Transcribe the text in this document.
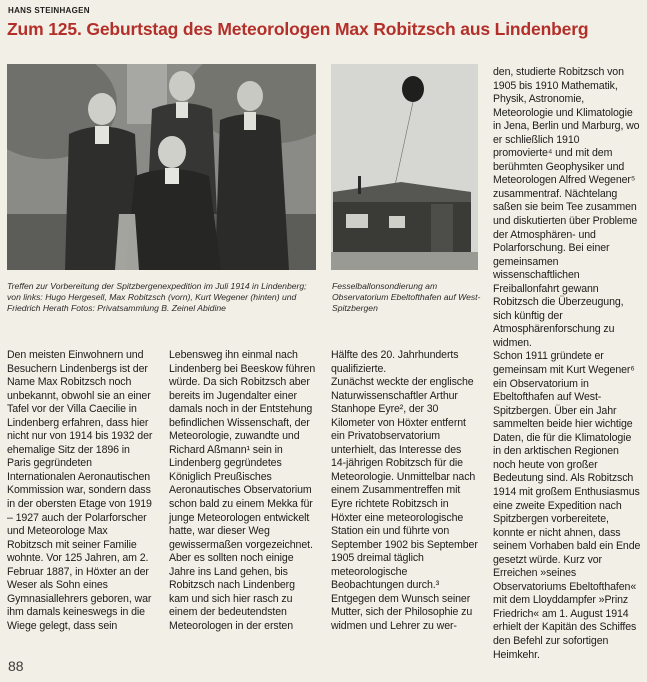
HANS STEINHAGEN
Zum 125. Geburtstag des Meteorologen Max Robitzsch aus Lindenberg
Treffen zur Vorbereitung der Spitzbergenexpedition im Juli 1914 in Lindenberg; von links: Hugo Hergesell, Max Robitzsch (vorn), Kurt Wegener (hinten) und Friedrich Herath Fotos: Privatsammlung B. Zeinel Abidine
Fesselballonsondierung am Observatorium Ebeltofthafen auf West-Spitzbergen

Den meisten Einwohnern und Besuchern Lindenbergs ist der Name Max Robitzsch noch unbekannt, obwohl sie an einer Tafel vor der Villa Caecilie in Lindenberg erfahren, dass hier nicht nur von 1914 bis 1932 der ehemalige Sitz der 1896 in Paris gegründeten Internationalen Aeronautischen Kommission war, sondern dass in der obersten Etage von 1919 – 1927 auch der Polarforscher und Meteorologe Max Robitzsch mit seiner Familie wohnte. Vor 125 Jahren, am 2. Februar 1887, in Höxter an der Weser als Sohn eines Gymnasiallehrers geboren, war ihm damals keineswegs in die Wiege gelegt, dass sein

Lebensweg ihn einmal nach Lindenberg bei Beeskow führen würde. Da sich Robitzsch aber bereits im Jugendalter einer damals noch in der Entstehung befindlichen Wissenschaft, der Meteorologie, zuwandte und Richard Aßmann¹ sein in Lindenberg gegründetes Königlich Preußisches Aeronautisches Observatorium schon bald zu einem Mekka für junge Meteorologen entwickelt hatte, war dieser Weg gewissermaßen vorgezeichnet. Aber es sollten noch einige Jahre ins Land gehen, bis Robitzsch nach Lindenberg kam und sich hier rasch zu einem der bedeutendsten Meteorologen in der ersten

Hälfte des 20. Jahrhunderts qualifizierte.

Zunächst weckte der englische Naturwissenschaftler Arthur Stanhope Eyre², der 30 Kilometer von Höxter entfernt ein Privatobservatorium unterhielt, das Interesse des 14-jährigen Robitzsch für die Meteorologie. Unmittelbar nach einem Zusammentreffen mit Eyre richtete Robitzsch in Höxter eine meteorologische Station ein und führte von September 1902 bis September 1905 dreimal täglich meteorologische Beobachtungen durch.³

Entgegen dem Wunsch seiner Mutter, sich der Philosophie zu widmen und Lehrer zu wer-

den, studierte Robitzsch von 1905 bis 1910 Mathematik, Physik, Astronomie, Meteorologie und Klimatologie in Jena, Berlin und Marburg, wo er schließlich 1910 promovierte⁴ und mit dem berühmten Geophysiker und Meteorologen Alfred Wegener⁵ zusammentraf. Nächtelang saßen sie beim Tee zusammen und diskutierten über Probleme der Atmosphären- und Polarforschung. Bei einer gemeinsamen wissenschaftlichen Freiballonfahrt gewann Robitzsch die Überzeugung, sich künftig der Atmosphärenforschung zu widmen.

Schon 1911 gründete er gemeinsam mit Kurt Wegener⁶ ein Observatorium in Ebeltofthafen auf West-Spitzbergen. Über ein Jahr sammelten beide hier wichtige Daten, die für die Klimatologie in den arktischen Regionen noch heute von großer Bedeutung sind. Als Robitzsch 1914 mit großem Enthusiasmus eine zweite Expedition nach Spitzbergen vorbereitete, konnte er nicht ahnen, dass seinem Vorhaben bald ein Ende gesetzt würde. Kurz vor Erreichen »seines Observatoriums Ebeltofthafen« mit dem Lloyddampfer »Prinz Friedrich« am 1. August 1914 erhielt der Kapitän des Schiffes den Befehl zur sofortigen Heimkehr.

88
